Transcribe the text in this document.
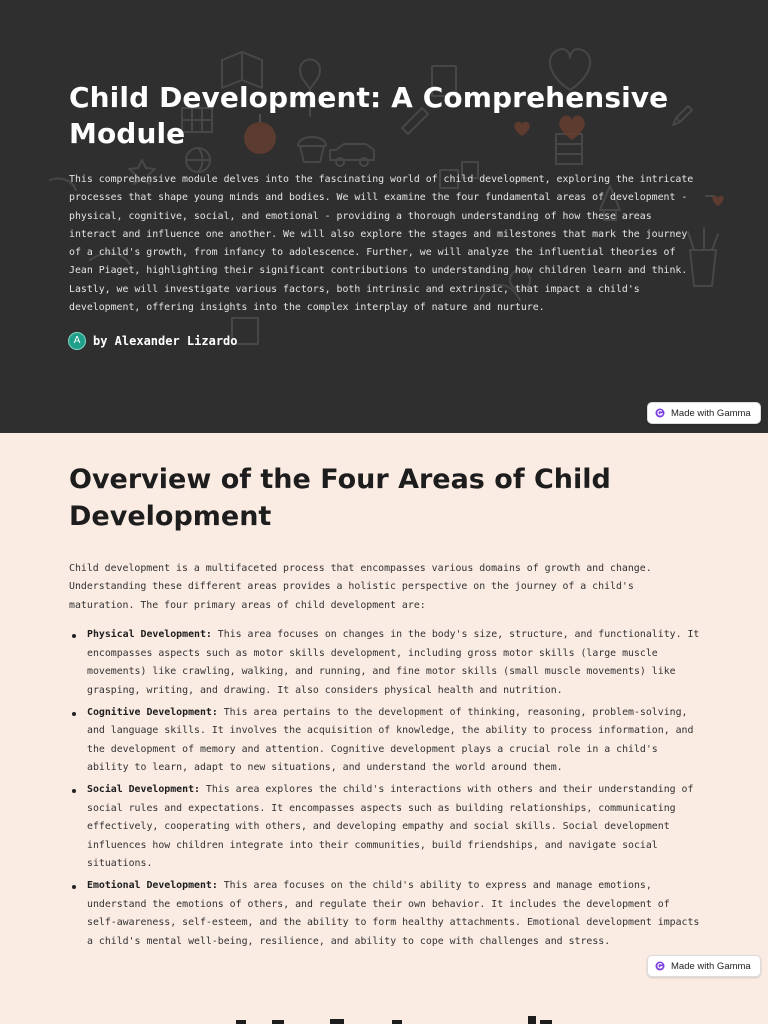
Child Development: A Comprehensive Module

This comprehensive module delves into the fascinating world of child development, exploring the intricate processes that shape young minds and bodies. We will examine the four fundamental areas of development - physical, cognitive, social, and emotional - providing a thorough understanding of how these areas interact and influence one another. We will also explore the stages and milestones that mark the journey of a child's growth, from infancy to adolescence. Further, we will analyze the influential theories of Jean Piaget, highlighting their significant contributions to understanding how children learn and think. Lastly, we will investigate various factors, both intrinsic and extrinsic, that impact a child's development, offering insights into the complex interplay of nature and nurture.

A	by Alexander Lizardo
Made with Gamma
Overview of the Four Areas of Child Development

Child development is a multifaceted process that encompasses various domains of growth and change. Understanding these different areas provides a holistic perspective on the journey of a child's maturation. The four primary areas of child development are:

Physical Development: This area focuses on changes in the body's size, structure, and functionality. It encompasses aspects such as motor skills development, including gross motor skills (large muscle movements) like crawling, walking, and running, and fine motor skills (small muscle movements) like grasping, writing, and drawing. It also considers physical health and nutrition.
Cognitive Development: This area pertains to the development of thinking, reasoning, problem-solving, and language skills. It involves the acquisition of knowledge, the ability to process information, and the development of memory and attention. Cognitive development plays a crucial role in a child's ability to learn, adapt to new situations, and understand the world around them.
Social Development: This area explores the child's interactions with others and their understanding of social rules and expectations. It encompasses aspects such as building relationships, communicating effectively, cooperating with others, and developing empathy and social skills. Social development influences how children integrate into their communities, build friendships, and navigate social situations.
Emotional Development: This area focuses on the child's ability to express and manage emotions, understand the emotions of others, and regulate their own behavior. It includes the development of self-awareness, self-esteem, and the ability to form healthy attachments. Emotional development impacts a child's mental well-being, resilience, and ability to cope with challenges and stress.
Made with Gamma
